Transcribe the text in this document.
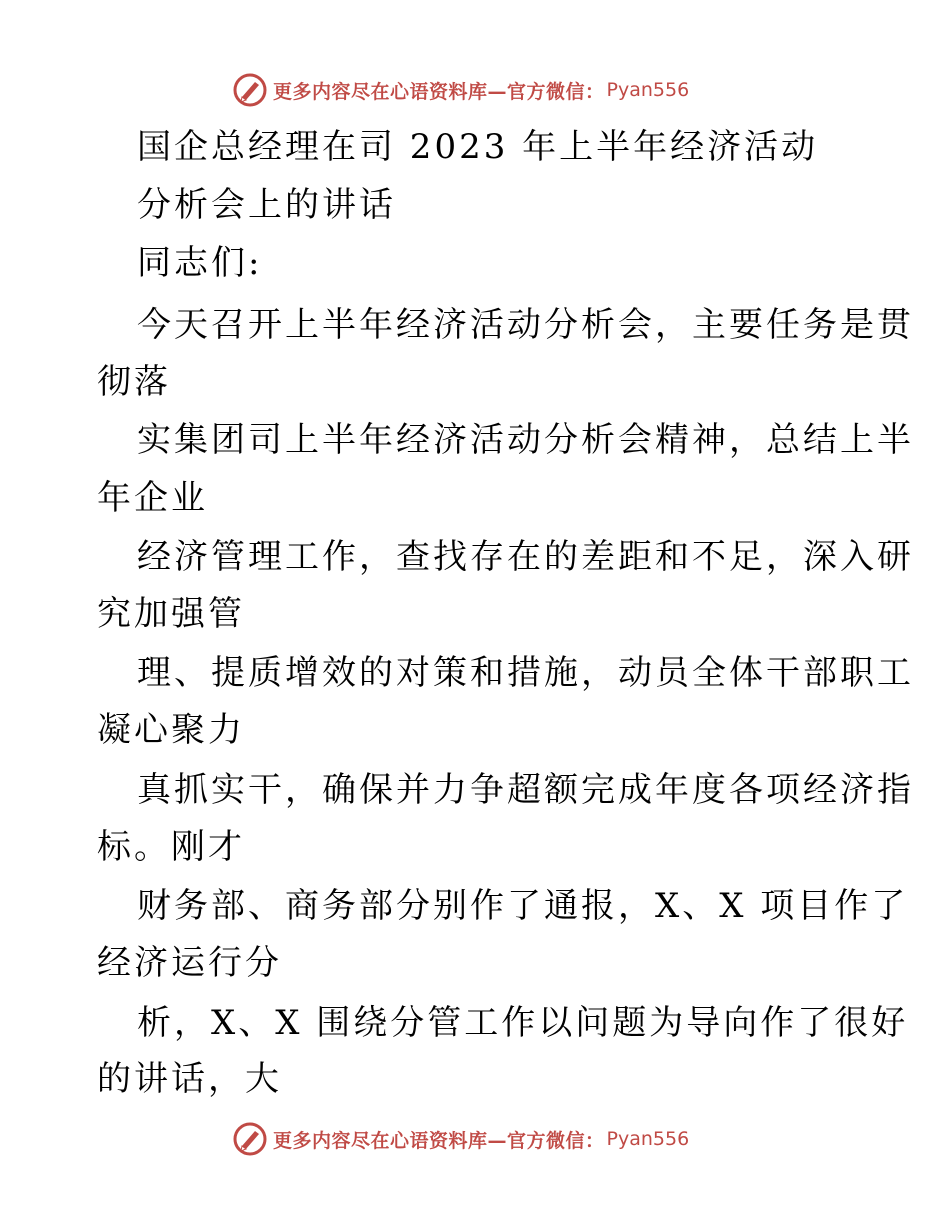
更多内容尽在心语资料库—官方微信： Pyan556
国企总经理在司 2023 年上半年经济活动
分析会上的讲话
同志们:
今天召开上半年经济活动分析会，主要任务是贯
彻落
实集团司上半年经济活动分析会精神，总结上半
年企业
经济管理工作，查找存在的差距和不足，深入研
究加强管
理、提质增效的对策和措施，动员全体干部职工
凝心聚力
真抓实干，确保并力争超额完成年度各项经济指
标。刚才
财务部、商务部分别作了通报，X、X 项目作了
经济运行分
析，X、X 围绕分管工作以问题为导向作了很好
的讲话，大
更多内容尽在心语资料库—官方微信： Pyan556
